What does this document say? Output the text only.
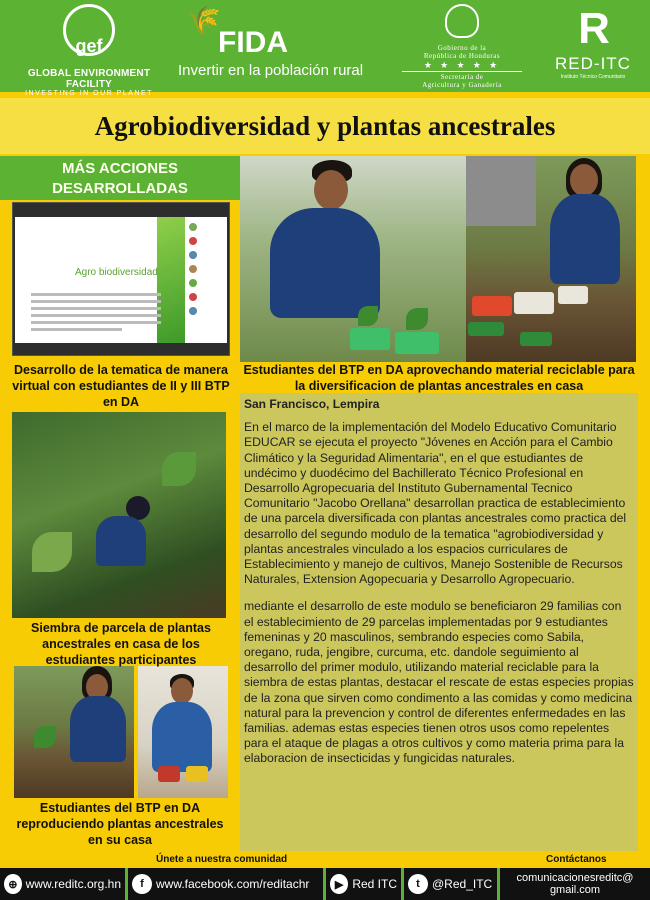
gef
GLOBAL ENVIRONMENT FACILITY
INVESTING IN OUR PLANET
🌾
FIDA
Invertir en la población rural
Gobierno de la
República de Honduras
★ ★ ★ ★ ★
Secretaría de
Agricultura y Ganadería
R
RED-ITC
Instituto Técnico Comunitario
Agrobiodiversidad y plantas ancestrales
MÁS ACCIONES
DESARROLLADAS
Agro biodiversidad
Desarrollo de la tematica de manera virtual con estudiantes de II y III BTP en DA
Estudiantes del BTP en DA aprovechando material reciclable para la diversificacion de plantas ancestrales en casa
Siembra de parcela de plantas ancestrales en casa de los estudiantes participantes
Estudiantes del BTP en DA reproduciendo plantas ancestrales en su casa
San Francisco, Lempira

En el marco de la implementación del Modelo Educativo Comunitario EDUCAR se ejecuta el proyecto "Jóvenes en Acción para el Cambio Climático y la Seguridad Alimentaria", en el que estudiantes de undécimo y duodécimo del Bachillerato Técnico Profesional en Desarrollo Agropecuaria del Instituto Gubernamental Tecnico Comunitario "Jacobo Orellana" desarrollan practica de establecimiento de una parcela diversificada con plantas ancestrales como practica del desarrollo del segundo modulo de la tematica "agrobiodiversidad y plantas ancestrales vinculado a los espacios curriculares de Establecimiento y manejo de cultivos, Manejo Sostenible de Recursos Naturales, Extension Agopecuaria y Desarrollo Agropecuario.

mediante el desarrollo de este modulo se beneficiaron 29 familias con el establecimiento de 29 parcelas implementadas por 9 estudiantes femeninas y 20 masculinos, sembrando especies como Sabila, oregano, ruda, jengibre, curcuma, etc. dandole seguimiento al desarrollo del primer modulo, utilizando material reciclable para la siembra de estas plantas, destacar el rescate de estas especies propias de la zona que sirven como condimento a las comidas y como medicina natural para la prevencion y control de diferentes enfermedades en las familias. ademas estas especies tienen otros usos como repelentes para el ataque de plagas a otros cultivos y como materia prima para la elaboracion de insecticidas y fungicidas naturales.

Únete a nuestra comunidad	Contáctanos
⊕ www.reditc.org.hn	f	www.facebook.com/reditachr	▶ Red ITC	t	@Red_ITC comunicacionesreditc@
gmail.com
